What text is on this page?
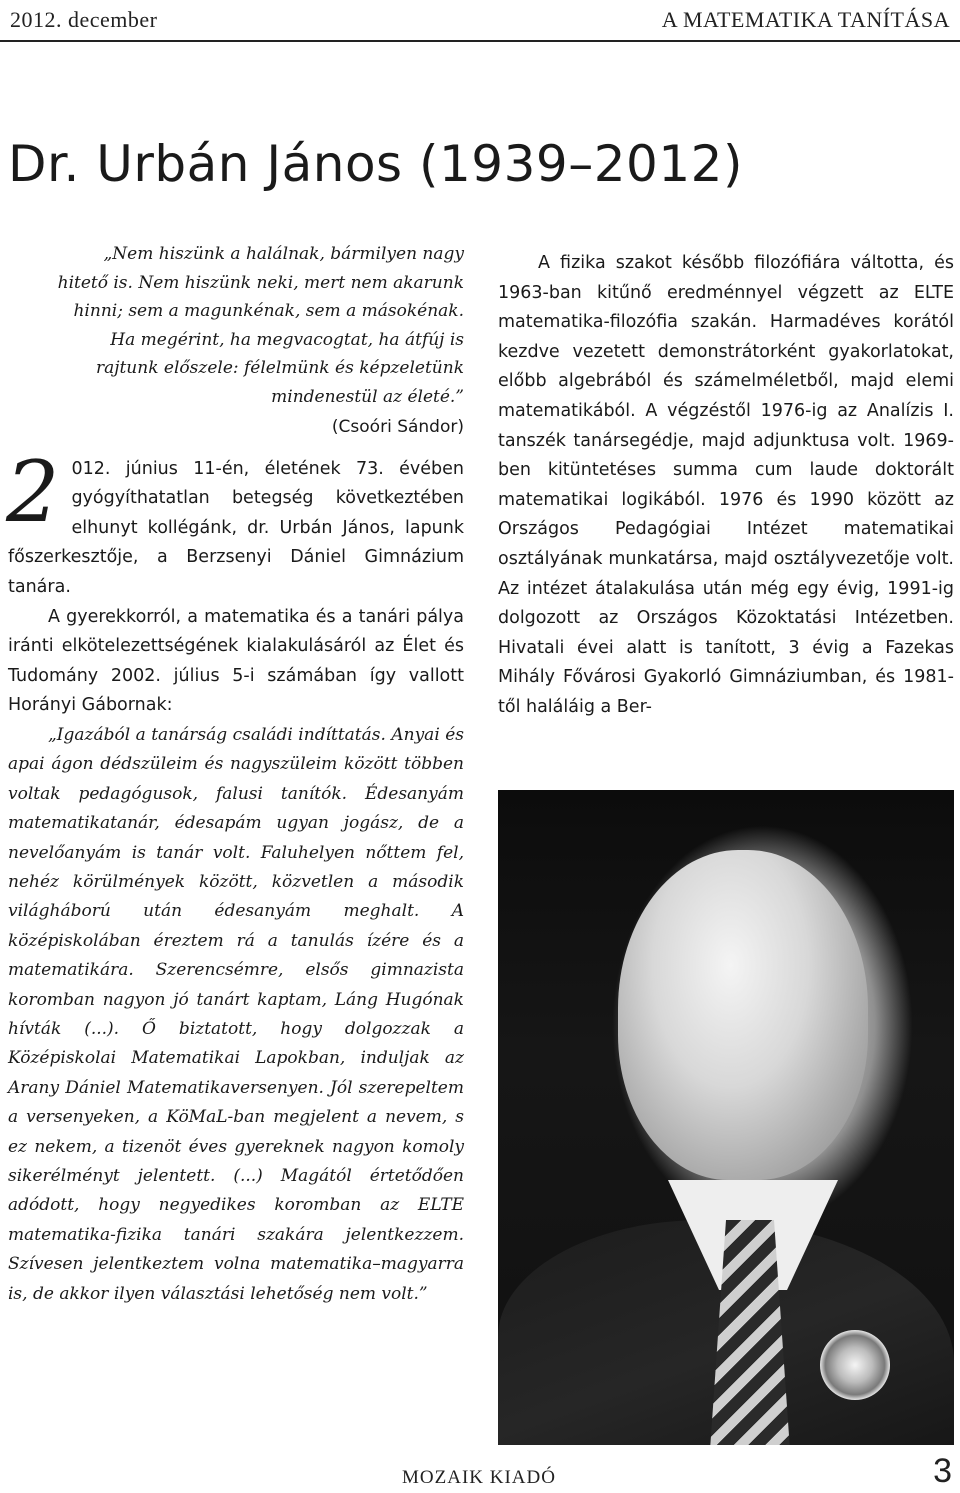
2012. december	A MATEMATIKA TANÍTÁSA
Dr. Urbán János (1939–2012)

„Nem hiszünk a halálnak, bármilyen nagy hitető is. Nem hiszünk neki, mert nem akarunk hinni; sem a magunkénak, sem a másokénak. Ha megérint, ha megvacogtat, ha átfúj is rajtunk előszele: félelmünk és képzeletünk mindenestül az életé.”

(Csoóri Sándor)

2 012. június 11-én, életének 73. évében gyógyíthatatlan betegség következtében elhunyt kollégánk, dr. Urbán János, lapunk főszerkesztője, a Berzsenyi Dániel Gimnázium tanára.

A gyerekkorról, a matematika és a tanári pálya iránti elkötelezettségének kialakulásáról az Élet és Tudomány 2002. július 5-i számában így vallott Horányi Gábornak:

„Igazából a tanárság családi indíttatás. Anyai és apai ágon dédszüleim és nagyszüleim között többen voltak pedagógusok, falusi tanítók. Édesanyám matematikatanár, édesapám ugyan jogász, de a nevelőanyám is tanár volt. Faluhelyen nőttem fel, nehéz körülmények között, közvetlen a második világháború után édesanyám meghalt. A középiskolában éreztem rá a tanulás ízére és a matematikára. Szerencsémre, elsős gimnazista koromban nagyon jó tanárt kaptam, Láng Hugónak hívták (...). Ő biztatott, hogy dolgozzak a Középiskolai Matematikai Lapokban, induljak az Arany Dániel Matematikaversenyen. Jól szerepeltem a versenyeken, a KöMaL-ban megjelent a nevem, s ez nekem, a tizenöt éves gyereknek nagyon komoly sikerélményt jelentett. (...) Magától értetődően adódott, hogy negyedikes koromban az ELTE matematika-fizika tanári szakára jelentkezzem. Szívesen jelentkeztem volna matematika–magyarra is, de akkor ilyen választási lehetőség nem volt.”

A fizika szakot később filozófiára váltotta, és 1963-ban kitűnő eredménnyel végzett az ELTE matematika-filozófia szakán. Harmadéves korától kezdve vezetett demonstrátorként gyakorlatokat, előbb algebrából és számelméletből, majd elemi matematikából. A végzéstől 1976-ig az Analízis I. tanszék tanársegédje, majd adjunktusa volt. 1969-ben kitüntetéses summa cum laude doktorált matematikai logikából. 1976 és 1990 között az Országos Pedagógiai Intézet matematikai osztályának munkatársa, majd osztályvezetője volt. Az intézet átalakulása után még egy évig, 1991-ig dolgozott az Országos Közoktatási Intézetben. Hivatali évei alatt is tanított, 3 évig a Fazekas Mihály Fővárosi Gyakorló Gimnáziumban, és 1981-től haláláig a Ber-

MOZAIK KIADÓ	3
